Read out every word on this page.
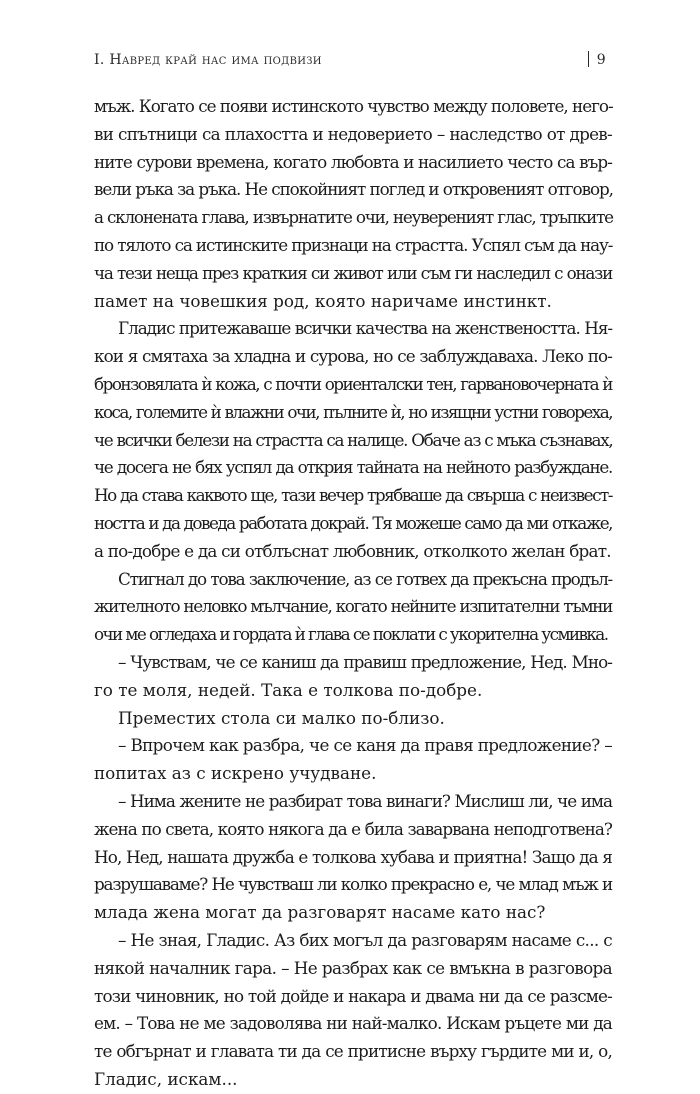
I. Навред край нас има подвизи	9
мъж. Когато се появи истинското чувство между половете, него-
ви спътници са плахостта и недоверието – наследство от древ-
ните сурови времена, когато любовта и насилието често са вър-
вели ръка за ръка. Не спокойният поглед и откровеният отговор,
а склонената глава, извърнатите очи, неувереният глас, тръпките
по тялото са истинските признаци на страстта. Успял съм да нау-
ча тези неща през краткия си живот или съм ги наследил с онази
памет на човешкия род, която наричаме инстинкт.
Гладис притежаваше всички качества на женствеността. Ня-
кои я смятаха за хладна и сурова, но се заблуждаваха. Леко по-
бронзовялата ѝ кожа, с почти ориенталски тен, гарвановочерната ѝ
коса, големите ѝ влажни очи, пълните ѝ, но изящни устни говореха,
че всички белези на страстта са налице. Обаче аз с мъка съзнавах,
че досега не бях успял да открия тайната на нейното разбуждане.
Но да става каквото ще, тази вечер трябваше да свърша с неизвест-
ността и да доведа работата докрай. Тя можеше само да ми откаже,
а по-добре е да си отблъснат любовник, отколкото желан брат.
Стигнал до това заключение, аз се готвех да прекъсна продъл-
жителното неловко мълчание, когато нейните изпитателни тъмни
очи ме огледаха и гордата ѝ глава се поклати с укорителна усмивка.
– Чувствам, че се каниш да правиш предложение, Нед. Мно-
го те моля, недей. Така е толкова по-добре.
Преместих стола си малко по-близо.
– Впрочем как разбра, че се каня да правя предложение? –
попитах аз с искрено учудване.
– Нима жените не разбират това винаги? Мислиш ли, че има
жена по света, която някога да е била заварвана неподготвена?
Но, Нед, нашата дружба е толкова хубава и приятна! Защо да я
разрушаваме? Не чувстваш ли колко прекрасно е, че млад мъж и
млада жена могат да разговарят насаме като нас?
– Не зная, Гладис. Аз бих могъл да разговарям насаме с... с
някой началник гара. – Не разбрах как се вмъкна в разговора
този чиновник, но той дойде и накара и двама ни да се разсме-
ем. – Това не ме задоволява ни най-малко. Искам ръцете ми да
те обгърнат и главата ти да се притисне върху гърдите ми и, о,
Гладис, искам...
